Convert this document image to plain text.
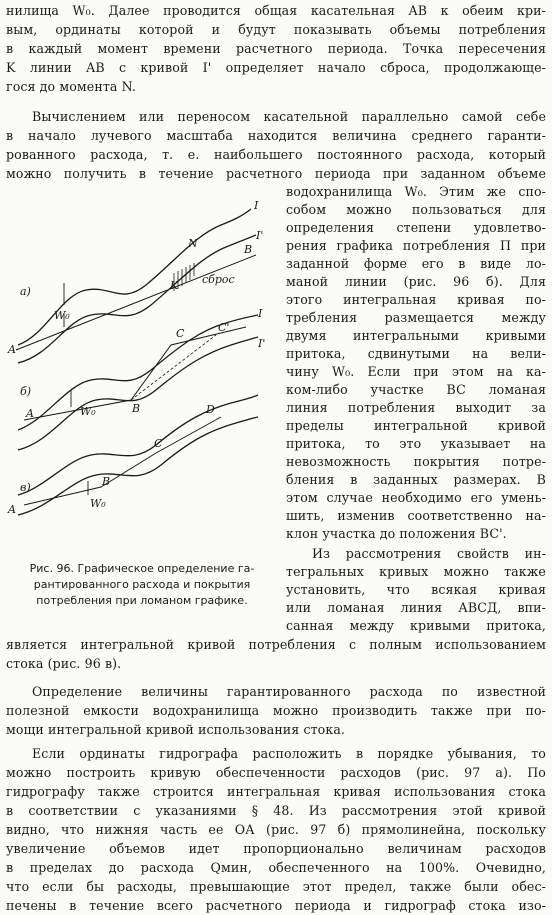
нилища W₀. Далее проводится общая касательная AB к обеим кри-
вым, ординаты которой и будут показывать объемы потребления
в каждый момент времени расчетного периода. Точка пересечения
K линии AB с кривой I' определяет начало сброса, продолжающе-
гося до момента N.
Вычислением или переносом касательной параллельно самой себе
в начало лучевого масштаба находится величина среднего гаранти-
рованного расхода, т. е. наибольшего постоянного расхода, который
можно получить в течение расчетного периода при заданном объеме
водохранилища W₀. Этим же спо-
собом можно пользоваться для
определения степени удовлетво-
рения графика потребления П при
заданной форме его в виде ло-
маной линии (рис. 96 б). Для
этого интегральная кривая по-
требления размещается между
двумя интегральными кривыми
притока, сдвинутыми на вели-
чину W₀. Если при этом на ка-
ком-либо участке BC ломаная
линия потребления выходит за
пределы интегральной кривой
притока, то это указывает на
невозможность покрытия потре-
бления в заданных размерах. В
этом случае необходимо его умень-
шить, изменив соответственно на-
клон участка до положения BC'.
Из рассмотрения свойств ин-
тегральных кривых можно также
установить, что всякая кривая
или ломаная линия АВСД, впи-
санная между кривыми притока,
I
I'
N	B
K сброс
а)
W₀
A
C	C'
I
I'
б)
A	W₀	B	D
C
в)	B
W₀
A
Рис. 96. Графическое определение га-
рантированного расхода и покрытия
потребления при ломаном графике.
является интегральной кривой потребления с полным использованием
стока (рис. 96 в).
Определение величины гарантированного расхода по известной
полезной емкости водохранилища можно производить также при по-
мощи интегральной кривой использования стока.
Если ординаты гидрографа расположить в порядке убывания, то
можно построить кривую обеспеченности расходов (рис. 97 а). По
гидрографу также строится интегральная кривая использования стока
в соответствии с указаниями § 48. Из рассмотрения этой кривой
видно, что нижняя часть ее ОА (рис. 97 б) прямолинейна, поскольку
увеличение объемов идет пропорционально величинам расходов
в пределах до расхода Qмин, обеспеченного на 100%. Очевидно,
что если бы расходы, превышающие этот предел, также были обес-
печены в течение всего расчетного периода и гидрограф стока изо-
